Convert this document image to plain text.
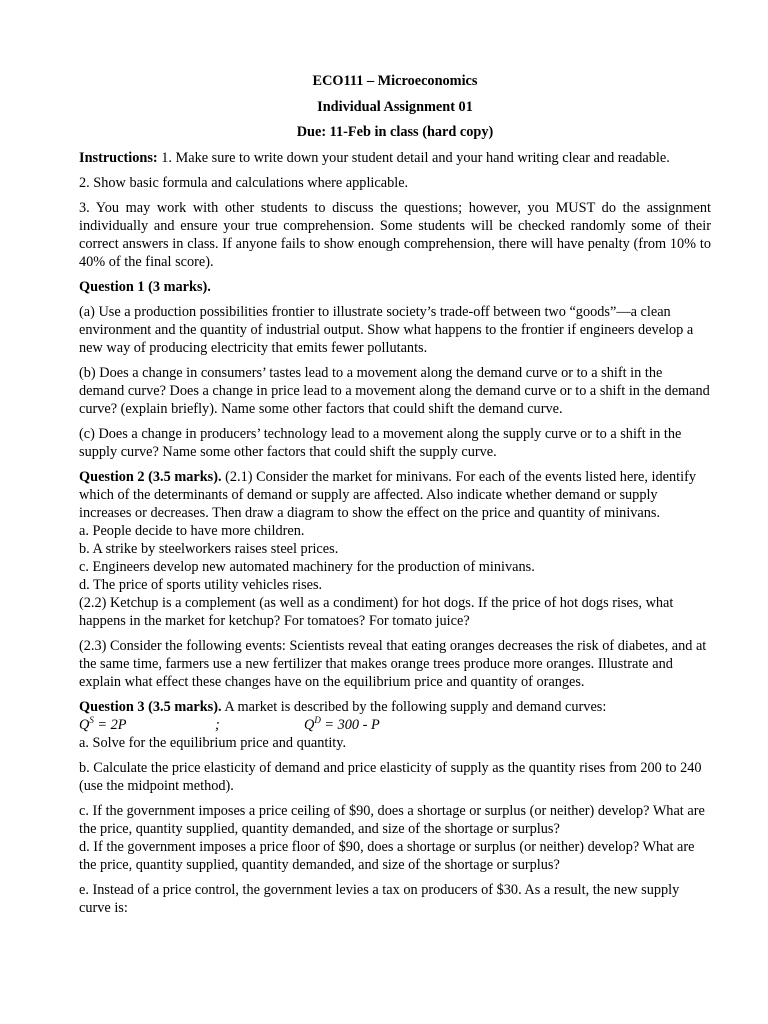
ECO111 – Microeconomics
Individual Assignment 01
Due: 11-Feb in class (hard copy)

Instructions: 1. Make sure to write down your student detail and your hand writing clear and readable.

2. Show basic formula and calculations where applicable.

3. You may work with other students to discuss the questions; however, you MUST do the assignment individually and ensure your true comprehension. Some students will be checked randomly some of their correct answers in class. If anyone fails to show enough comprehension, there will have penalty (from 10% to 40% of the final score).

Question 1 (3 marks).

(a) Use a production possibilities frontier to illustrate society’s trade-off between two “goods”—a clean environment and the quantity of industrial output. Show what happens to the frontier if engineers develop a new way of producing electricity that emits fewer pollutants.

(b) Does a change in consumers’ tastes lead to a movement along the demand curve or to a shift in the demand curve? Does a change in price lead to a movement along the demand curve or to a shift in the demand curve? (explain briefly). Name some other factors that could shift the demand curve.

(c) Does a change in producers’ technology lead to a movement along the supply curve or to a shift in the supply curve? Name some other factors that could shift the supply curve.

Question 2 (3.5 marks). (2.1) Consider the market for minivans. For each of the events listed here, identify which of the determinants of demand or supply are affected. Also indicate whether demand or supply increases or decreases. Then draw a diagram to show the effect on the price and quantity of minivans.
a. People decide to have more children.
b. A strike by steelworkers raises steel prices.
c. Engineers develop new automated machinery for the production of minivans.
d. The price of sports utility vehicles rises.
(2.2) Ketchup is a complement (as well as a condiment) for hot dogs. If the price of hot dogs rises, what happens in the market for ketchup? For tomatoes? For tomato juice?

(2.3) Consider the following events: Scientists reveal that eating oranges decreases the risk of diabetes, and at the same time, farmers use a new fertilizer that makes orange trees produce more oranges. Illustrate and explain what effect these changes have on the equilibrium price and quantity of oranges.

Question 3 (3.5 marks). A market is described by the following supply and demand curves:
$Q^S = 2P$	;	$Q^D = 300 - P$
a. Solve for the equilibrium price and quantity.

b. Calculate the price elasticity of demand and price elasticity of supply as the quantity rises from 200 to 240 (use the midpoint method).

c. If the government imposes a price ceiling of $90, does a shortage or surplus (or neither) develop? What are the price, quantity supplied, quantity demanded, and size of the shortage or surplus?
d. If the government imposes a price floor of $90, does a shortage or surplus (or neither) develop? What are the price, quantity supplied, quantity demanded, and size of the shortage or surplus?

e. Instead of a price control, the government levies a tax on producers of $30. As a result, the new supply curve is:
